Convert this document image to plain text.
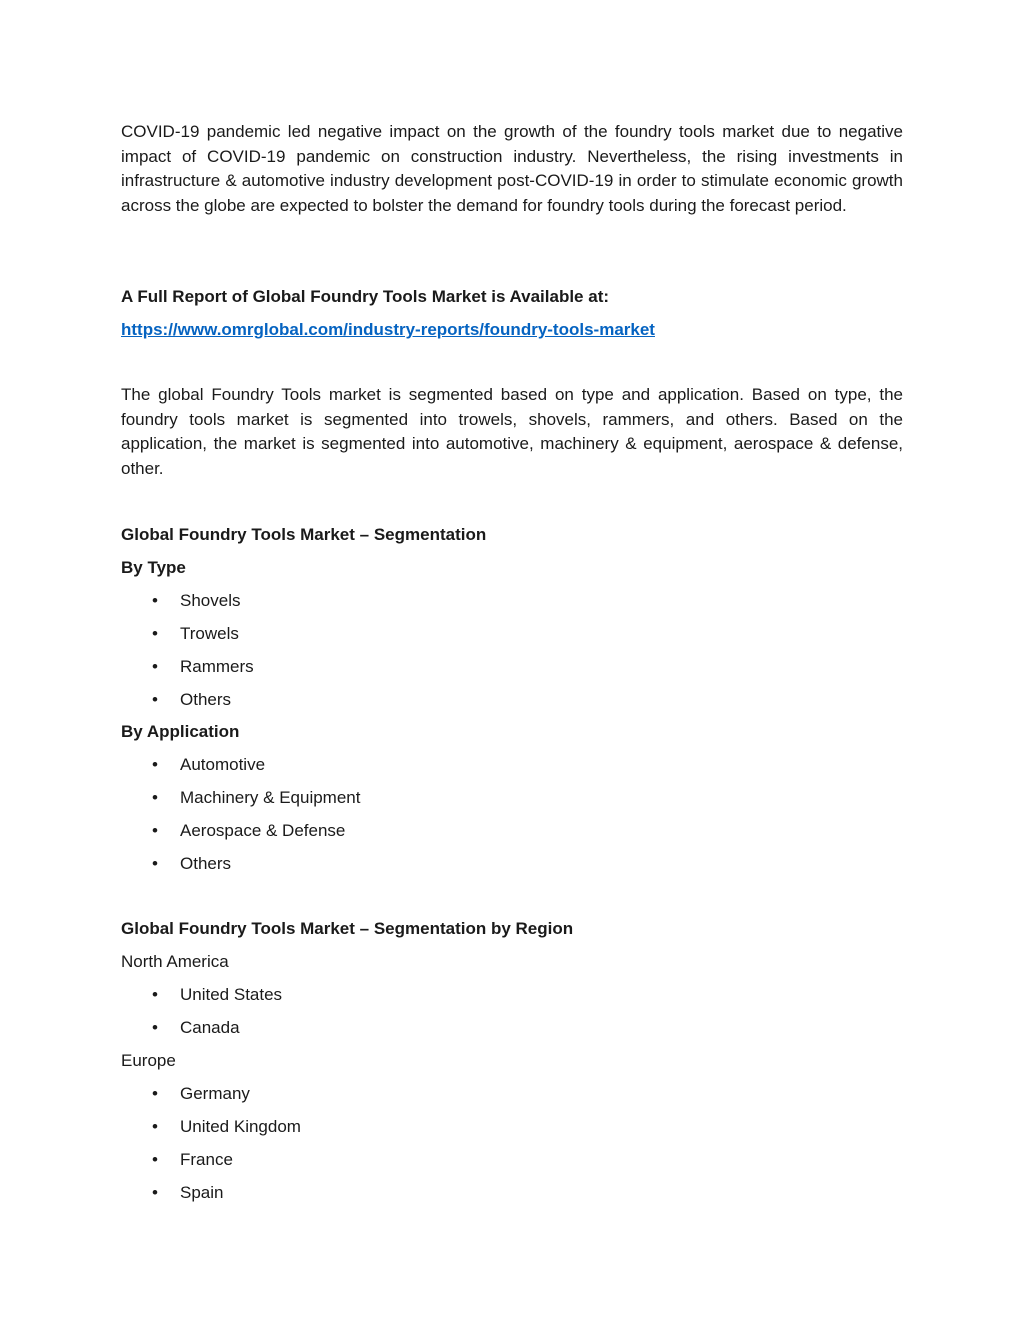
COVID-19 pandemic led negative impact on the growth of the foundry tools market due to negative impact of COVID-19 pandemic on construction industry. Nevertheless, the rising investments in infrastructure & automotive industry development post-COVID-19 in order to stimulate economic growth across the globe are expected to bolster the demand for foundry tools during the forecast period.

A Full Report of Global Foundry Tools Market is Available at:

https://www.omrglobal.com/industry-reports/foundry-tools-market

The global Foundry Tools market is segmented based on type and application. Based on type, the foundry tools market is segmented into trowels, shovels, rammers, and others. Based on the application, the market is segmented into automotive, machinery & equipment, aerospace & defense, other.

Global Foundry Tools Market – Segmentation

By Type

• Shovels
• Trowels
• Rammers
• Others

By Application

• Automotive
• Machinery & Equipment
• Aerospace & Defense
• Others

Global Foundry Tools Market – Segmentation by Region

North America

• United States
• Canada

Europe

• Germany
• United Kingdom
• France
• Spain
